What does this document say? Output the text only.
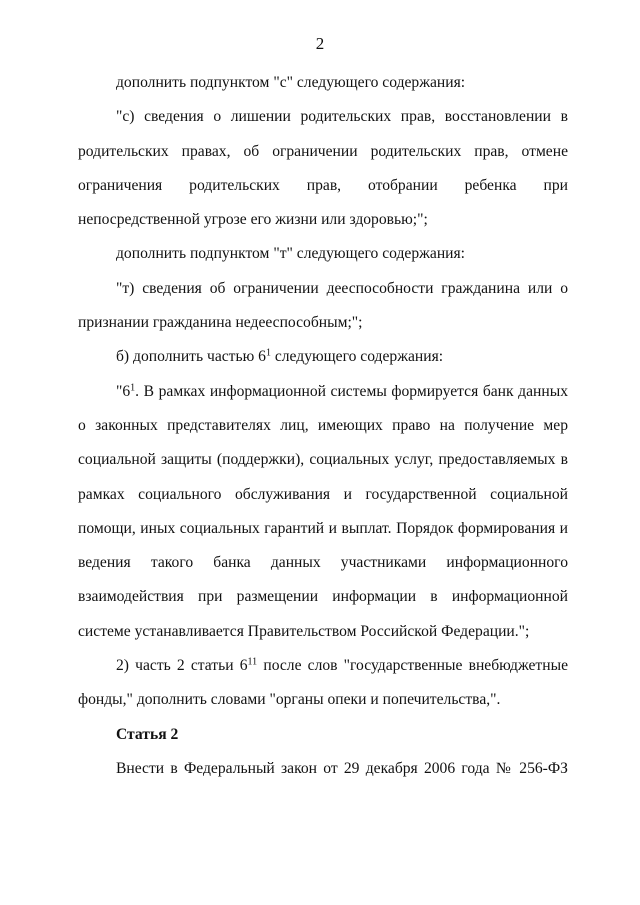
2

дополнить подпунктом "с" следующего содержания:

"с) сведения о лишении родительских прав, восстановлении в родительских правах, об ограничении родительских прав, отмене ограничения родительских прав, отобрании ребенка при непосредственной угрозе его жизни или здоровью;";

дополнить подпунктом "т" следующего содержания:

"т) сведения об ограничении дееспособности гражданина или о признании гражданина недееспособным;";

б) дополнить частью $6^1$ следующего содержания:

"$6^1$. В рамках информационной системы формируется банк данных о законных представителях лиц, имеющих право на получение мер социальной защиты (поддержки), социальных услуг, предоставляемых в рамках социального обслуживания и государственной социальной помощи, иных социальных гарантий и выплат. Порядок формирования и ведения такого банка данных участниками информационного взаимодействия при размещении информации в информационной системе устанавливается Правительством Российской Федерации.";

2) часть 2 статьи $6^{11}$ после слов "государственные внебюджетные фонды," дополнить словами "органы опеки и попечительства,".

Статья 2

Внести в Федеральный закон от 29 декабря 2006 года № 256-ФЗ
